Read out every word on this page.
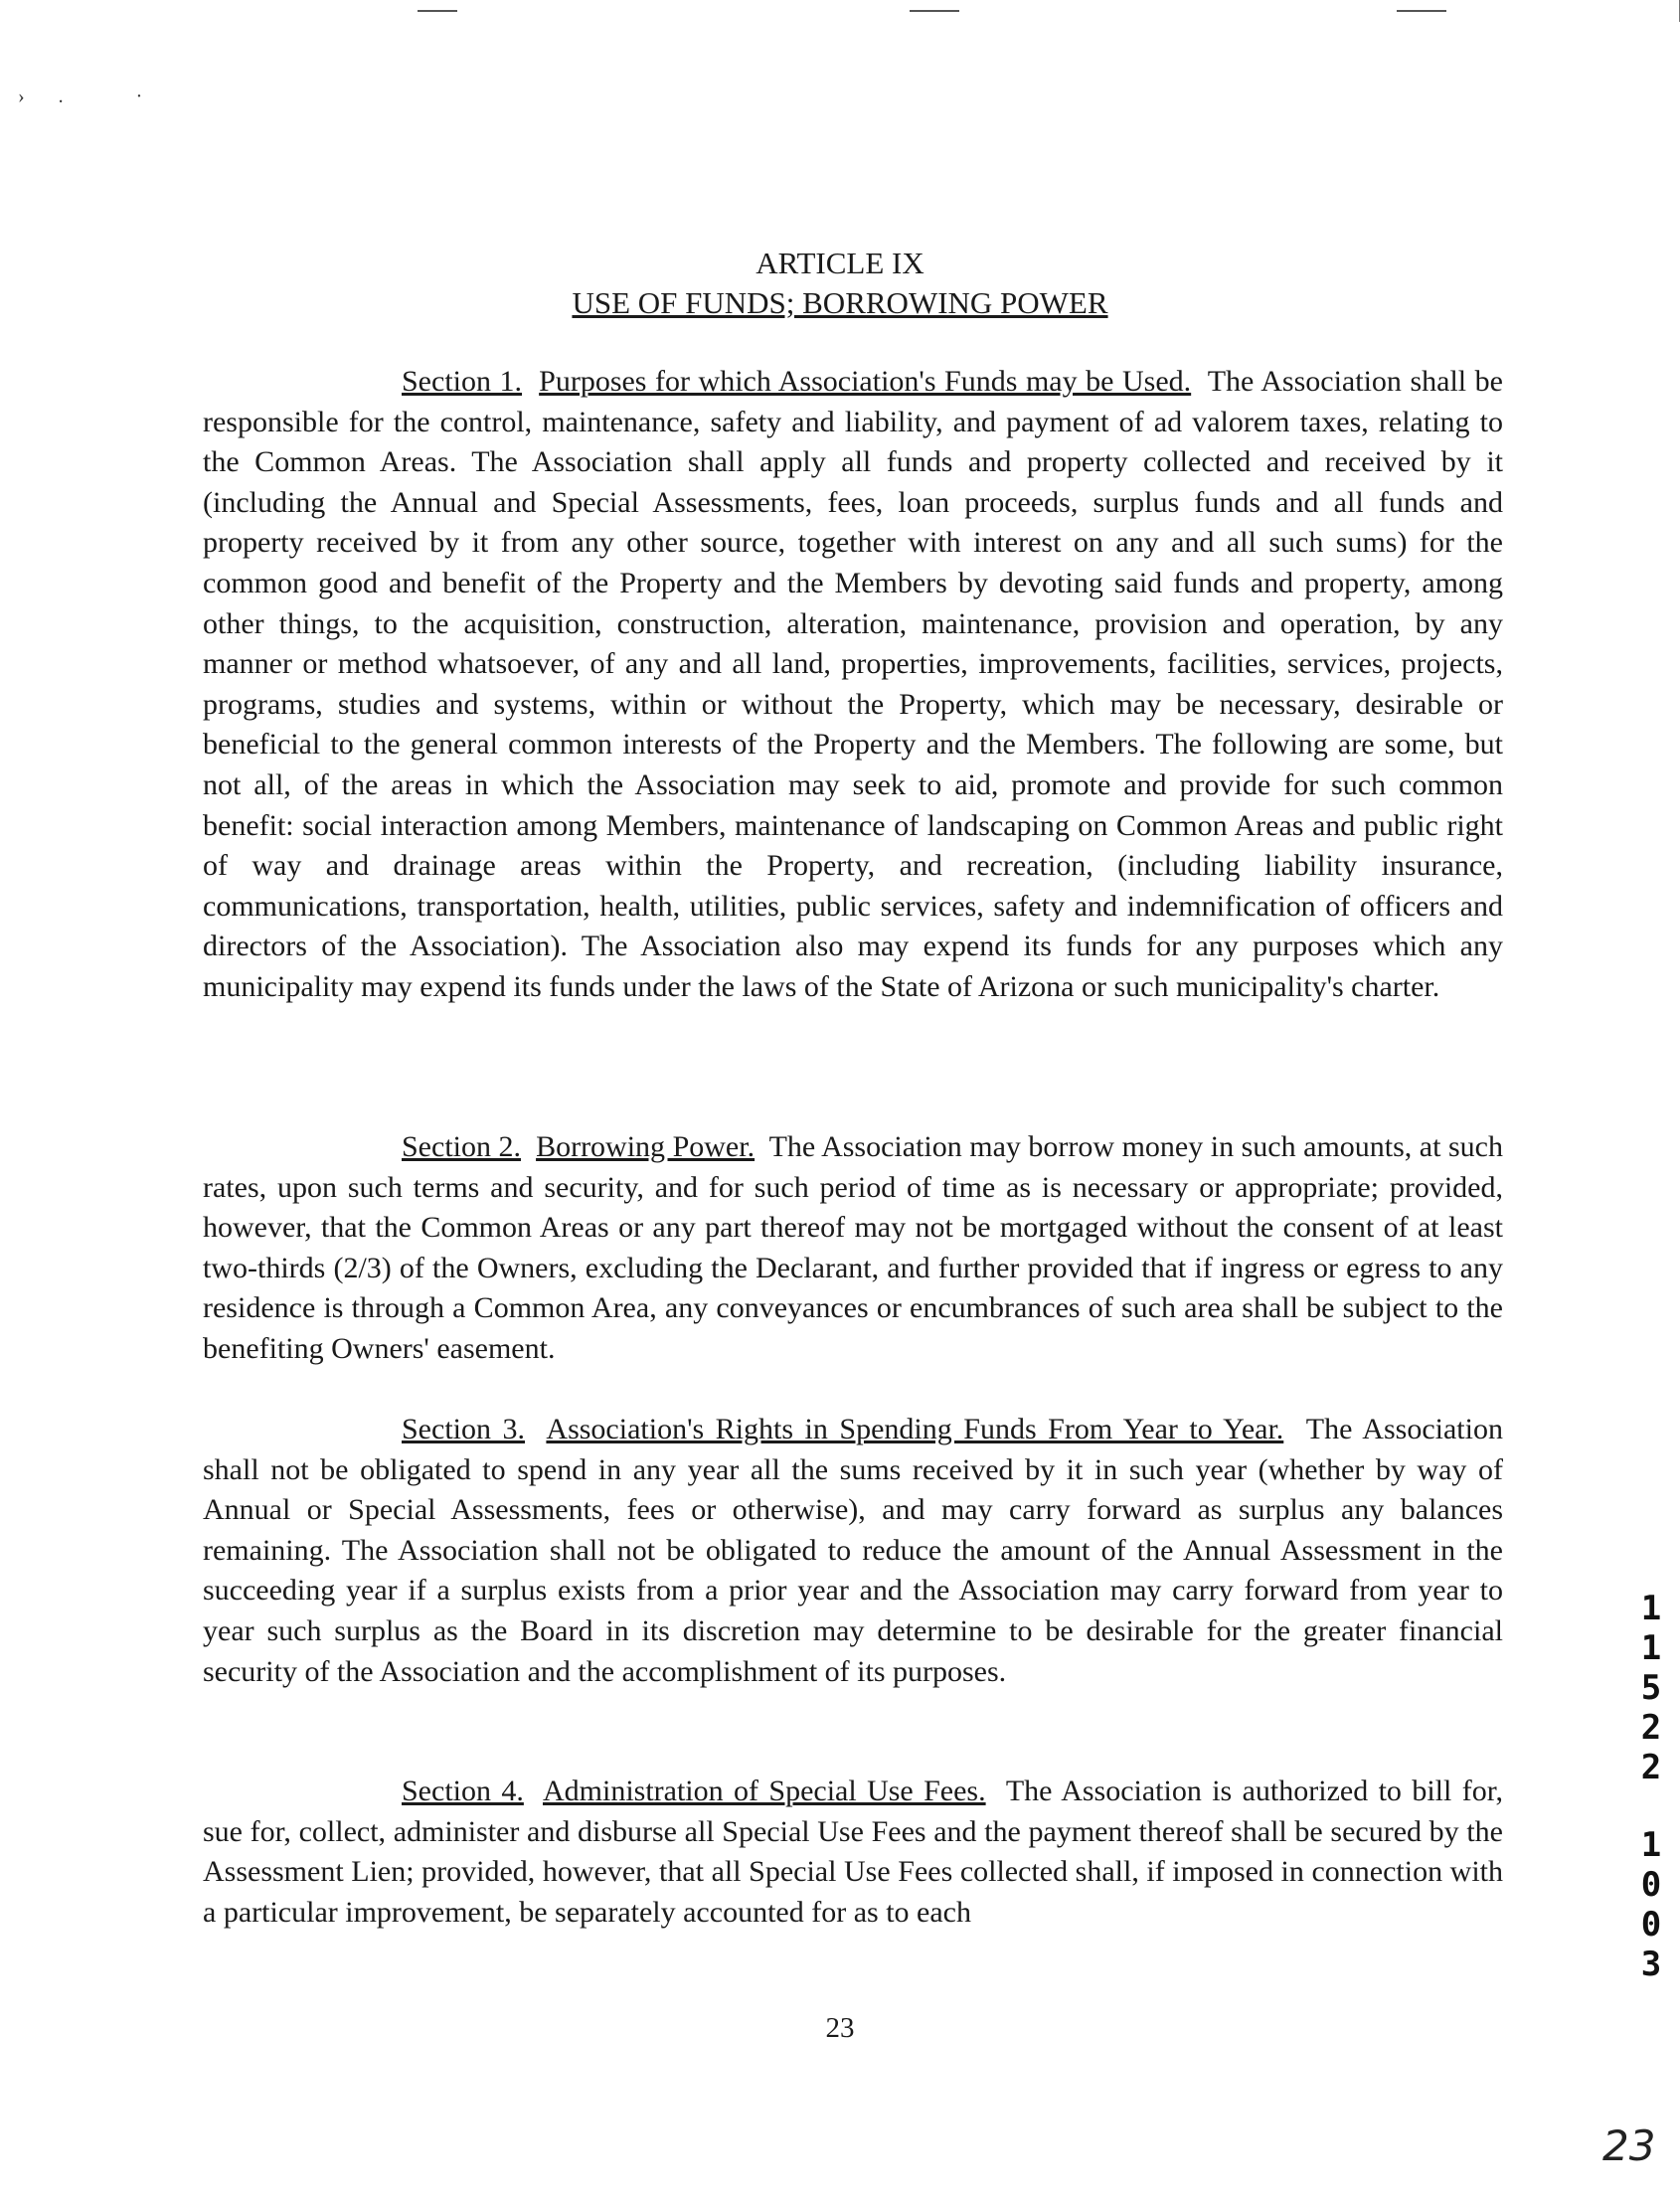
›. ·
ARTICLE IX
USE OF FUNDS; BORROWING POWER
Section 1. Purposes for which Association's Funds may be Used. The Association shall be responsible for the control, maintenance, safety and liability, and payment of ad valorem taxes, relating to the Common Areas. The Association shall apply all funds and property collected and received by it (including the Annual and Special Assessments, fees, loan proceeds, surplus funds and all funds and property received by it from any other source, together with interest on any and all such sums) for the common good and benefit of the Property and the Members by devoting said funds and property, among other things, to the acquisition, construction, alteration, maintenance, provision and operation, by any manner or method whatsoever, of any and all land, properties, improvements, facilities, services, projects, programs, studies and systems, within or without the Property, which may be necessary, desirable or beneficial to the general common interests of the Property and the Members. The following are some, but not all, of the areas in which the Association may seek to aid, promote and provide for such common benefit: social interaction among Members, maintenance of landscaping on Common Areas and public right of way and drainage areas within the Property, and recreation, (including liability insurance, communications, transportation, health, utilities, public services, safety and indemnification of officers and directors of the Association). The Association also may expend its funds for any purposes which any municipality may expend its funds under the laws of the State of Arizona or such municipality's charter.
Section 2. Borrowing Power. The Association may borrow money in such amounts, at such rates, upon such terms and security, and for such period of time as is necessary or appropriate; provided, however, that the Common Areas or any part thereof may not be mortgaged without the consent of at least two-thirds (2/3) of the Owners, excluding the Declarant, and further provided that if ingress or egress to any residence is through a Common Area, any conveyances or encumbrances of such area shall be subject to the benefiting Owners' easement.
Section 3. Association's Rights in Spending Funds From Year to Year. The Association shall not be obligated to spend in any year all the sums received by it in such year (whether by way of Annual or Special Assessments, fees or otherwise), and may carry forward as surplus any balances remaining. The Association shall not be obligated to reduce the amount of the Annual Assessment in the succeeding year if a surplus exists from a prior year and the Association may carry forward from year to year such surplus as the Board in its discretion may determine to be desirable for the greater financial security of the Association and the accomplishment of its purposes.
Section 4. Administration of Special Use Fees. The Association is authorized to bill for, sue for, collect, administer and disburse all Special Use Fees and the payment thereof shall be secured by the Assessment Lien; provided, however, that all Special Use Fees collected shall, if imposed in connection with a particular improvement, be separately accounted for as to each
23
1
1
5
2
2
1
0
0
3
23
